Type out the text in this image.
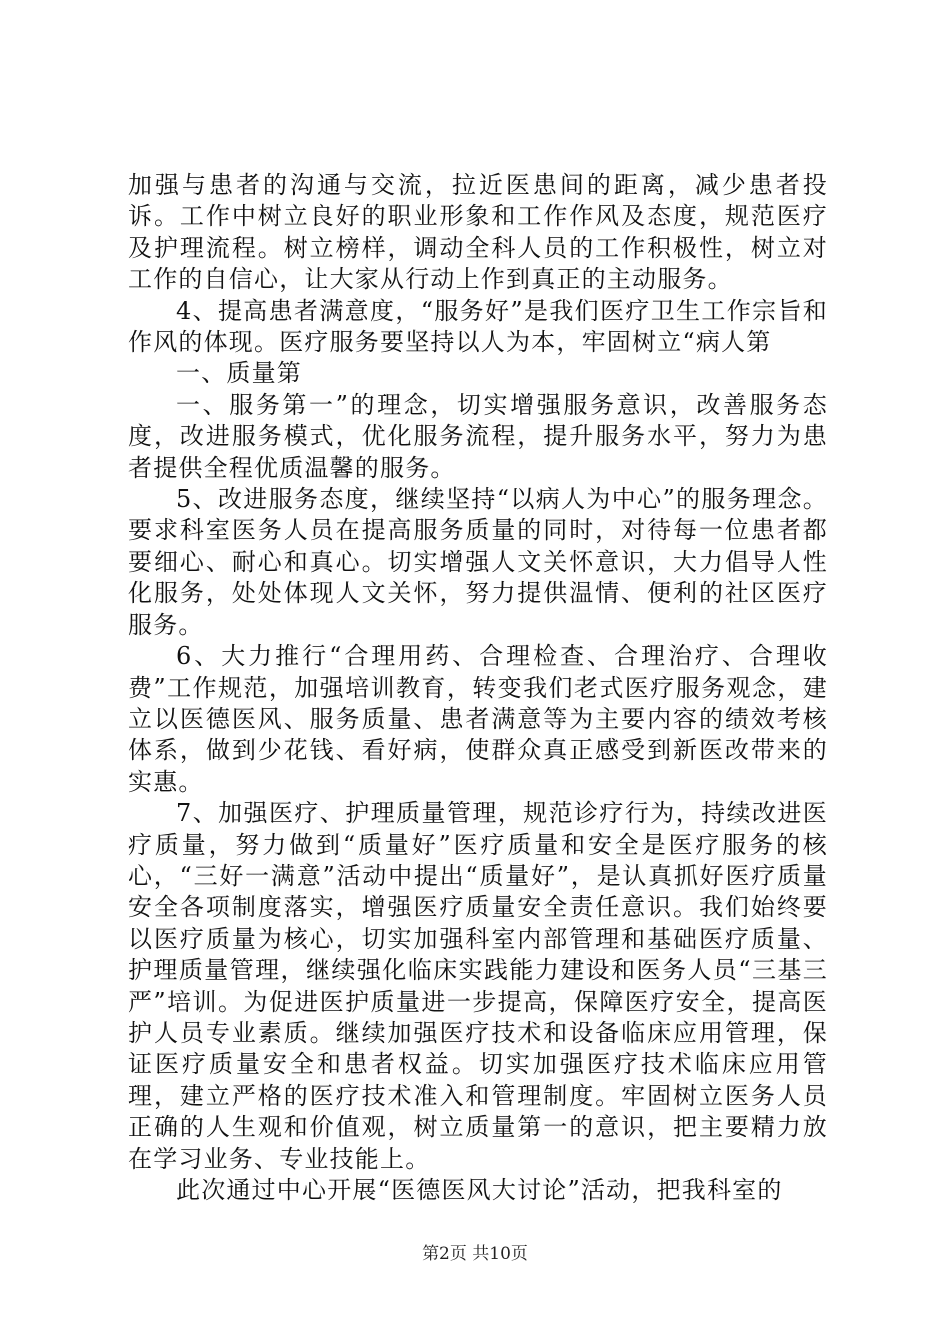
加强与患者的沟通与交流，拉近医患间的距离，减少患者投诉。工作中树立良好的职业形象和工作作风及态度，规范医疗及护理流程。树立榜样，调动全科人员的工作积极性，树立对工作的自信心，让大家从行动上作到真正的主动服务。

4、提高患者满意度，“服务好”是我们医疗卫生工作宗旨和作风的体现。医疗服务要坚持以人为本，牢固树立“病人第

一、质量第

一、服务第一”的理念，切实增强服务意识，改善服务态度，改进服务模式，优化服务流程，提升服务水平，努力为患者提供全程优质温馨的服务。

5、改进服务态度，继续坚持“以病人为中心”的服务理念。要求科室医务人员在提高服务质量的同时，对待每一位患者都要细心、耐心和真心。切实增强人文关怀意识，大力倡导人性化服务，处处体现人文关怀，努力提供温情、便利的社区医疗服务。

6、大力推行“合理用药、合理检查、合理治疗、合理收费”工作规范，加强培训教育，转变我们老式医疗服务观念，建立以医德医风、服务质量、患者满意等为主要内容的绩效考核体系，做到少花钱、看好病，使群众真正感受到新医改带来的实惠。

7、加强医疗、护理质量管理，规范诊疗行为，持续改进医疗质量，努力做到“质量好”医疗质量和安全是医疗服务的核心，“三好一满意”活动中提出“质量好”，是认真抓好医疗质量安全各项制度落实，增强医疗质量安全责任意识。我们始终要以医疗质量为核心，切实加强科室内部管理和基础医疗质量、护理质量管理，继续强化临床实践能力建设和医务人员“三基三严”培训。为促进医护质量进一步提高，保障医疗安全，提高医护人员专业素质。继续加强医疗技术和设备临床应用管理，保证医疗质量安全和患者权益。切实加强医疗技术临床应用管理，建立严格的医疗技术准入和管理制度。牢固树立医务人员正确的人生观和价值观，树立质量第一的意识，把主要精力放在学习业务、专业技能上。

此次通过中心开展“医德医风大讨论”活动，把我科室的

第2页 共10页
